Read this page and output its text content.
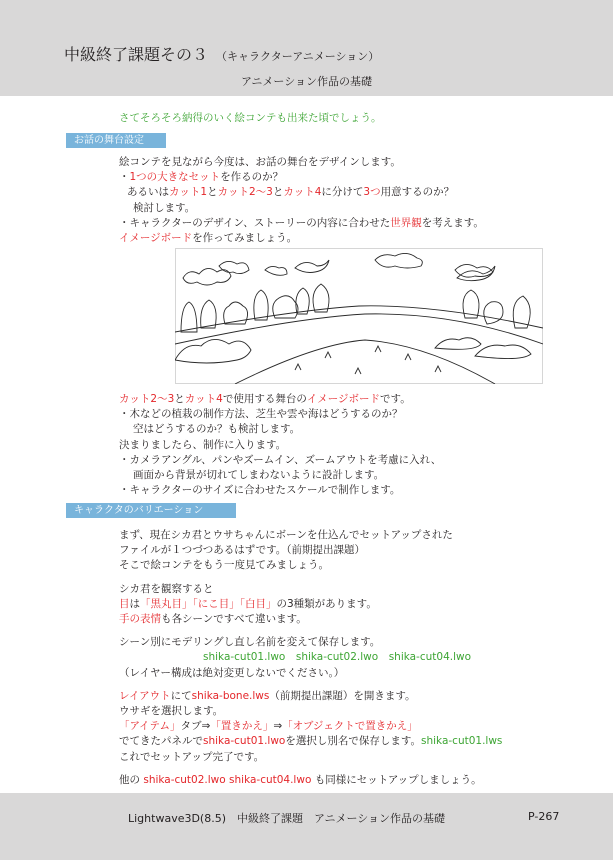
中級終了課題その３ （キャラクターアニメーション）
アニメーション作品の基礎
さてそろそろ納得のいく絵コンテも出来た頃でしょう。
お話の舞台設定
絵コンテを見ながら今度は、お話の舞台をデザインします。
・1つの大きなセットを作るのか？
あるいはカット1とカット2〜3とカット4に分けて3つ用意するのか？
検討します。
・キャラクターのデザイン、ストーリーの内容に合わせた世界観を考えます。
イメージボードを作ってみましょう。
カット2〜3とカット4で使用する舞台のイメージボードです。
・木などの植栽の制作方法、芝生や雲や海はどうするのか？
空はどうするのか？も検討します。
決まりましたら、制作に入ります。
・カメラアングル、パンやズームイン、ズームアウトを考慮に入れ、
画面から背景が切れてしまわないように設計します。
・キャラクターのサイズに合わせたスケールで制作します。
キャラクタのバリエーション
まず、現在シカ君とウサちゃんにボーンを仕込んでセットアップされた
ファイルが１つづつあるはずです。（前期提出課題）
そこで絵コンテをもう一度見てみましょう。
シカ君を観察すると
目は「黒丸目」「にこ目」「白目」の3種類があります。
手の表情も各シーンですべて違います。
シーン別にモデリングし直し名前を変えて保存します。
shika-cut01.lwo　 shika-cut02.lwo　 shika-cut04.lwo
（レイヤー構成は絶対変更しないでください。）
レイアウトにてshika-bone.lws（前期提出課題）を開きます。
ウサギを選択します。
「アイテム」タブ⇒「置きかえ」⇒「オブジェクトで置きかえ」
でてきたパネルでshika-cut01.lwoを選択し別名で保存します。shika-cut01.lws
これでセットアップ完了です。
他の shika-cut02.lwo shika-cut04.lwo も同様にセットアップしましょう。
Lightwave3D(8.5)　中級終了課題　アニメーション作品の基礎	P-267
